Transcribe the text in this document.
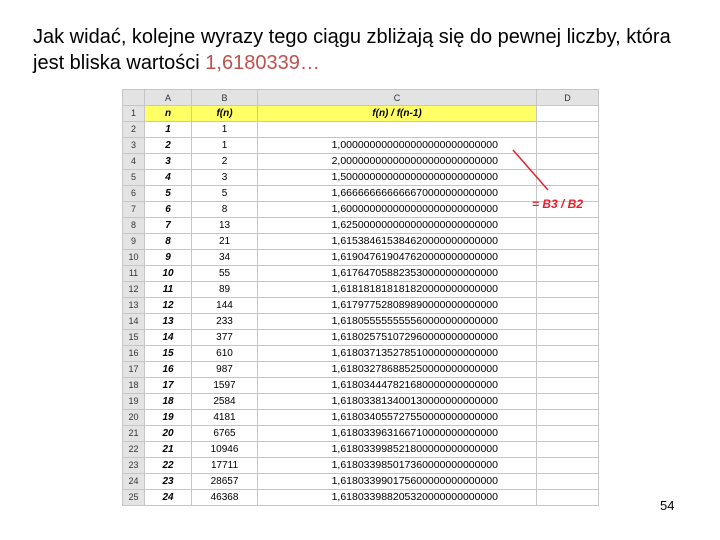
Jak widać, kolejne wyrazy tego ciągu zbliżają się do pewnej liczby, która jest bliska wartości 1,6180339…
	A	B	C	D
1	n	f(n)	f(n) / f(n-1)	
2	1	1		
3	2	1	1,000000000000000000000000000	
4	3	2	2,000000000000000000000000000	
5	4	3	1,500000000000000000000000000	
6	5	5	1,666666666666670000000000000	
7	6	8	1,600000000000000000000000000	
8	7	13	1,625000000000000000000000000	
9	8	21	1,615384615384620000000000000	
10	9	34	1,619047619047620000000000000	
11	10	55	1,617647058823530000000000000	
12	11	89	1,618181818181820000000000000	
13	12	144	1,617977528089890000000000000	
14	13	233	1,618055555555560000000000000	
15	14	377	1,618025751072960000000000000	
16	15	610	1,618037135278510000000000000	
17	16	987	1,618032786885250000000000000	
18	17	1597	1,618034447821680000000000000	
19	18	2584	1,618033813400130000000000000	
20	19	4181	1,618034055727550000000000000	
21	20	6765	1,618033963166710000000000000	
22	21	10946	1,618033998521800000000000000	
23	22	17711	1,618033985017360000000000000	
24	23	28657	1,618033990175600000000000000	
25	24	46368	1,618033988205320000000000000	
= B3 / B2
54
